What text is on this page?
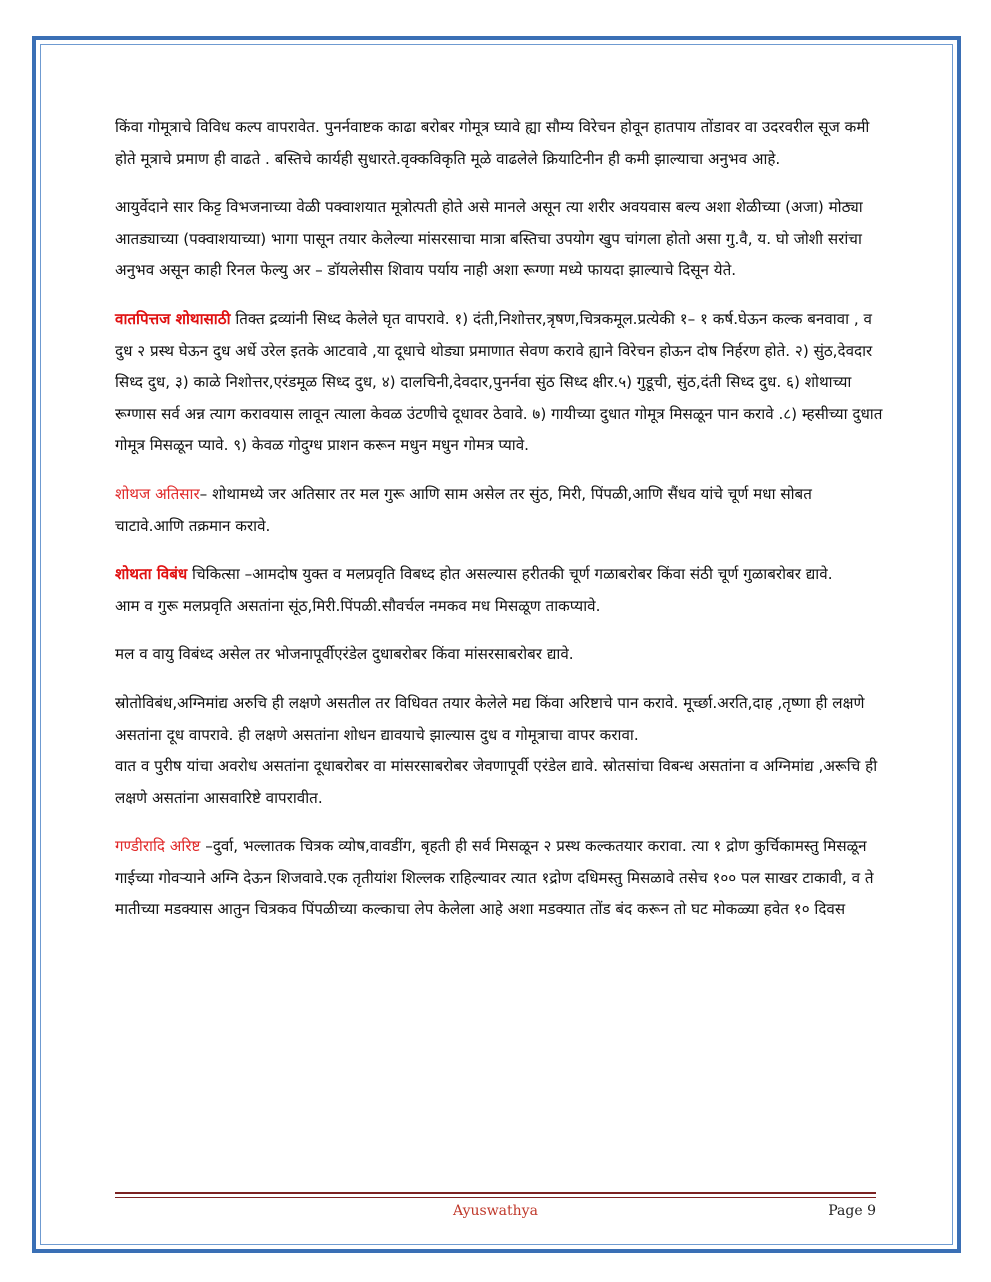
किंवा गोमूत्राचे विविध कल्प वापरावेत. पुनर्नवाष्टक काढा बरोबर गोमूत्र घ्यावे ह्या सौम्य विरेचन होवून हातपाय तोंडावर वा उदरवरील सूज कमी होते मूत्राचे प्रमाण ही वाढते . बस्तिचे कार्यही सुधारते.वृक्कविकृति मूळे वाढलेले क्रियाटिनीन ही कमी झाल्याचा अनुभव आहे.

आयुर्वेदाने सार किट्ट विभजनाच्या वेळी पक्वाशयात मूत्रोत्पती होते असे मानले असून त्या शरीर अवयवास बल्य अशा शेळीच्या (अजा) मोठ्या आतड्याच्या (पक्वाशयाच्या) भागा पासून तयार केलेल्या मांसरसाचा मात्रा बस्तिचा उपयोग खुप चांगला होतो असा गु.वै, य. घो जोशी सरांचा अनुभव असून काही रिनल फेल्यु अर – डॉयलेसीस शिवाय पर्याय नाही अशा रूग्णा मध्ये फायदा झाल्याचे दिसून येते.

वातपित्तज शोथासाठी तिक्त द्रव्यांनी सिध्द केलेले घृत वापरावे. १) दंती,निशोत्तर,त्रृषण,चित्रकमूल.प्रत्येकी १– १ कर्ष.घेऊन कल्क बनवावा , व दुध २ प्रस्थ घेऊन दुध अर्धे उरेल इतके आटवावे ,या दूधाचे थोड्या प्रमाणात सेवण करावे ह्याने विरेचन होऊन दोष निर्हरण होते. २) सुंठ,देवदार सिध्द दुध, ३) काळे निशोत्तर,एरंडमूळ सिध्द दुध, ४) दालचिनी,देवदार,पुनर्नवा सुंठ सिध्द क्षीर.५) गुडूची, सुंठ,दंती सिध्द दुध. ६) शोथाच्या रूग्णास सर्व अन्न त्याग करावयास लावून त्याला केवळ उंटणीचे दूधावर ठेवावे. ७) गायीच्या दुधात गोमूत्र मिसळून पान करावे .८) म्हसीच्या दुधात गोमूत्र मिसळून प्यावे. ९) केवळ गोदुग्ध प्राशन करून मधुन मधुन गोमत्र प्यावे.

शोथज अतिसार– शोथामध्ये जर अतिसार तर मल गुरू आणि साम असेल तर सुंठ, मिरी, पिंपळी,आणि सैंधव यांचे चूर्ण मधा सोबत चाटावे.आणि तक्रमान करावे.

शोथता विबंध चिकित्सा –आमदोष युक्त व मलप्रवृति विबध्द होत असल्यास हरीतकी चूर्ण गळाबरोबर किंवा संठी चूर्ण गुळाबरोबर द्यावे.

आम व गुरू मलप्रवृति असतांना सूंठ,मिरी.पिंपळी.सौवर्चल नमकव मध मिसळूण ताकप्यावे.

मल व वायु विबंध्द असेल तर भोजनापूर्वीएरंडेल दुधाबरोबर किंवा मांसरसाबरोबर द्यावे.

स्रोतोविबंध,अग्निमांद्य अरुचि ही लक्षणे असतील तर विधिवत तयार केलेले मद्य किंवा अरिष्टाचे पान करावे. मूर्च्छा.अरति,दाह ,तृष्णा ही लक्षणे असतांना दूध वापरावे. ही लक्षणे असतांना शोधन द्यावयाचे झाल्यास दुध व गोमूत्राचा वापर करावा.

वात व पुरीष यांचा अवरोध असतांना दूधाबरोबर वा मांसरसाबरोबर जेवणापूर्वी एरंडेल द्यावे. स्रोतसांचा विबन्ध असतांना व अग्निमांद्य ,अरूचि ही लक्षणे असतांना आसवारिष्टे वापरावीत.

गण्डीरादि अरिष्ट –दुर्वा, भल्लातक चित्रक व्योष,वावडींग, बृहती ही सर्व मिसळून २ प्रस्थ कल्कतयार करावा. त्या १ द्रोण कुर्चिकामस्तु मिसळून गाईच्या गोवऱ्याने अग्नि देऊन शिजवावे.एक तृतीयांश शिल्लक राहिल्यावर त्यात १द्रोण दधिमस्तु मिसळावे तसेच १०० पल साखर टाकावी, व ते मातीच्या मडक्यास आतुन चित्रकव पिंपळीच्या कल्काचा लेप केलेला आहे अशा मडक्यात तोंड बंद करून तो घट मोकळ्या हवेत १० दिवस

Ayuswathya	Page 9
